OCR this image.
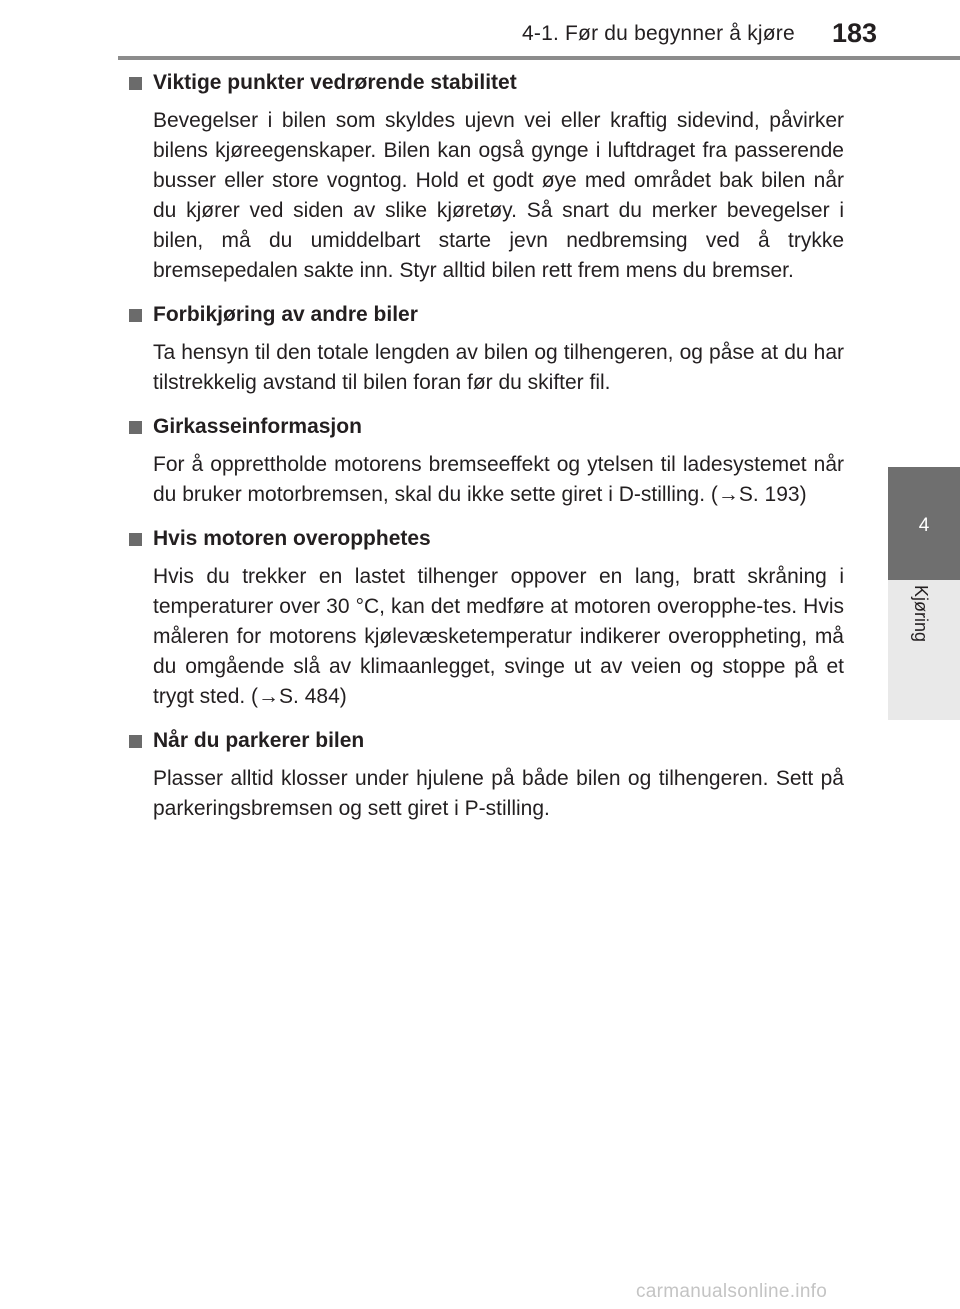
4-1. Før du begynner å kjøre 183
4
Kjøring
Viktige punkter vedrørende stabilitet
Bevegelser i bilen som skyldes ujevn vei eller kraftig sidevind, påvirker bilens kjøreegenskaper. Bilen kan også gynge i luftdraget fra passerende busser eller store vogntog. Hold et godt øye med området bak bilen når du kjører ved siden av slike kjøretøy. Så snart du merker bevegelser i bilen, må du umiddelbart starte jevn nedbremsing ved å trykke bremsepedalen sakte inn. Styr alltid bilen rett frem mens du bremser.
Forbikjøring av andre biler
Ta hensyn til den totale lengden av bilen og tilhengeren, og påse at du har tilstrekkelig avstand til bilen foran før du skifter fil.
Girkasseinformasjon
For å opprettholde motorens bremseeffekt og ytelsen til ladesystemet når du bruker motorbremsen, skal du ikke sette giret i D-stilling. (→S. 193)
Hvis motoren overopphetes
Hvis du trekker en lastet tilhenger oppover en lang, bratt skråning i temperaturer over 30 °C, kan det medføre at motoren overopphe-tes. Hvis måleren for motorens kjølevæsketemperatur indikerer overoppheting, må du omgående slå av klimaanlegget, svinge ut av veien og stoppe på et trygt sted. (→S. 484)
Når du parkerer bilen
Plasser alltid klosser under hjulene på både bilen og tilhengeren. Sett på parkeringsbremsen og sett giret i P-stilling.
carmanualsonline.info
